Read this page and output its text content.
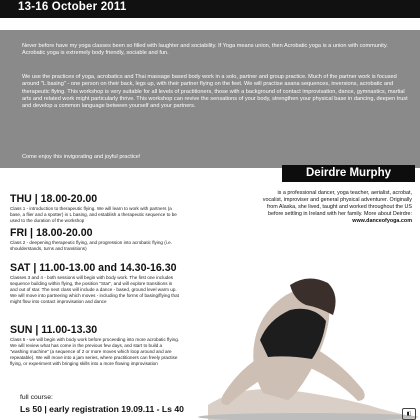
13-16 October 2011

Never before have my yoga classes been so filled with laughter and sociability. If Yoga means union, then Acrobatic yoga is a union with community. Acrobatic yoga is extremely body friendly, sociable and fun.

We use the practices of yoga, acrobatics and Thai massage based body work in a solo, partner and group practice. Much of the partner work is focused around "L basing" - one person on their back, legs up, with their partner flying on the feet. We will practise asana sequences, inversions, acrobatic and therapeutic flying. This workshop is very suitable for all levels of practitioners, those with a background of contact improvisation, dance, gymnastics, martial arts and related work might particularly thrive. This workshop can revive the sensations of your body, strengthen your physical base in dancing, deepen trust and develop a common language between yourself and your partners.

Come enjoy this invigorating and joyful practice!

Deirdre Murphy
is a professional dancer, yoga teacher, aerialist, acrobat, vocalist, improviser and general physical adventurer. Originally from Alaska, she lived, taught and worked throughout the US before settling in Ireland with her family. More about Deirdre:
www.danceofyoga.com
THU | 18.00-20.00

Class 1 - introduction to therapeutic flying. We will learn to work with partners (a base, a flier and a spotter) in L basing, and establish a therapeutic sequence to be used to the duration of the workshop

FRI | 18.00-20.00

Class 2 - deepening therapeutic flying, and progression into acrobatic flying (i.e. shoulderstands, turns and transitions)

SAT | 11.00-13.00 and 14.30-16.30

Classes 3 and 4 - both sessions will begin with body work. The first one includes sequence building within flying, the position "Star", and will explore transitions in and out of star. The next class will include a dance - based, ground level warm up. We will move into partnering which moves - including the forms of basing/flying that might flow into contact improvisation and dance

SUN | 11.00-13.30

Class 5 - we will begin with body work before proceeding into more acrobatic flying. We will review what has come in the previous few days, and start to build a "washing machine" (a sequence of 2 or more moves which loop around and are repeatable). We will move into a jam series, where practitioners can freely practise flying, or experiment with bringing skills into a more flowing improvisation

full course:
Ls 50 | early registration 19.09.11 - Ls 40	◧
